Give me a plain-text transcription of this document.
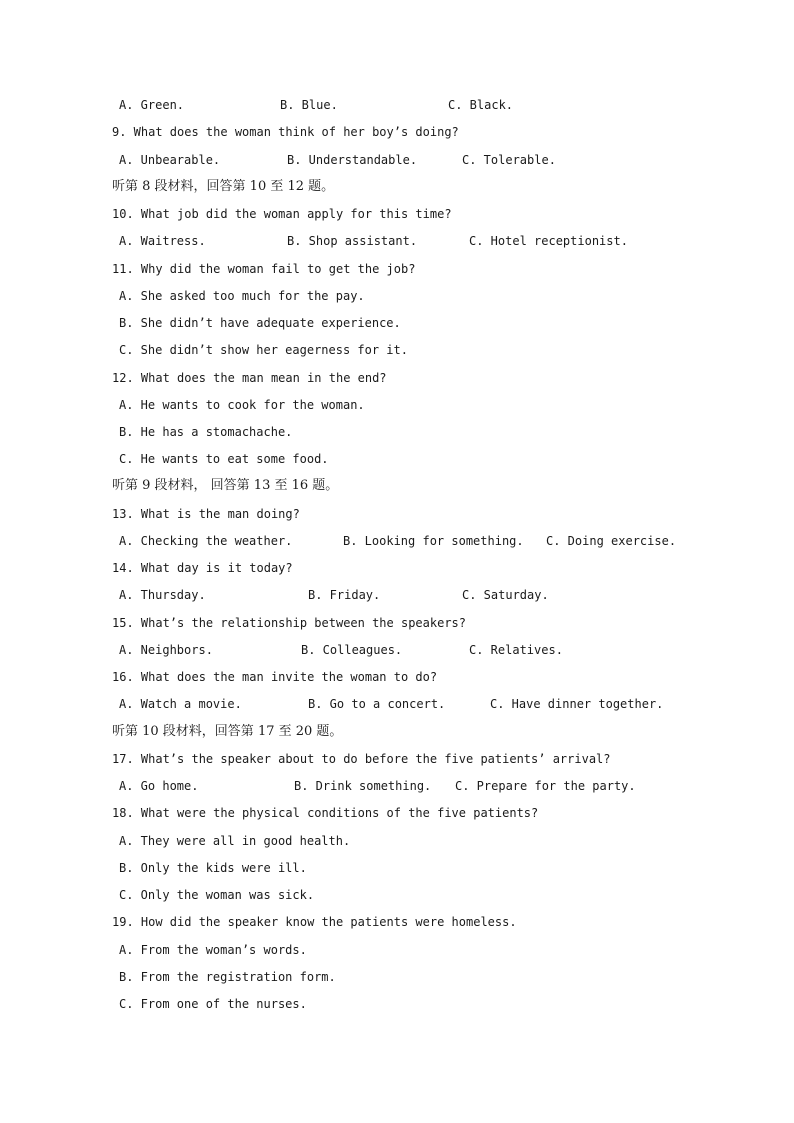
A. Green.

	B. Blue.

	C. Black.

9. What does the woman think of her boy’s doing?

A. Unbearable.

	B. Understandable.

	C. Tolerable.

听第 8 段材料，回答第 10 至 12 题。
10. What job did the woman apply for this time?

A. Waitress.

	B. Shop assistant.

	C. Hotel receptionist.

11. Why did the woman fail to get the job?
A. She asked too much for the pay.
B. She didn’t have adequate experience.
C. She didn’t show her eagerness for it.
12. What does the man mean in the end?
A. He wants to cook for the woman.
B. He has a stomachache.
C. He wants to eat some food.
听第 9 段材料， 回答第 13 至 16 题。
13. What is the man doing?

A. Checking the weather.

	B. Looking for something.

C. Doing exercise.

14. What day is it today?

A. Thursday.

	B. Friday.

	C. Saturday.

15. What’s the relationship between the speakers?

A. Neighbors.

	B. Colleagues.

	C. Relatives.

16. What does the man invite the woman to do?

A. Watch a movie.

	B. Go to a concert.

	C. Have dinner together.

听第 10 段材料，回答第 17 至 20 题。
17. What’s the speaker about to do before the five patients’ arrival?

A. Go home.

	B. Drink something.

C. Prepare for the party.

18. What were the physical conditions of the five patients?
A. They were all in good health.
B. Only the kids were ill.
C. Only the woman was sick.
19. How did the speaker know the patients were homeless.
A. From the woman’s words.
B. From the registration form.
C. From one of the nurses.
